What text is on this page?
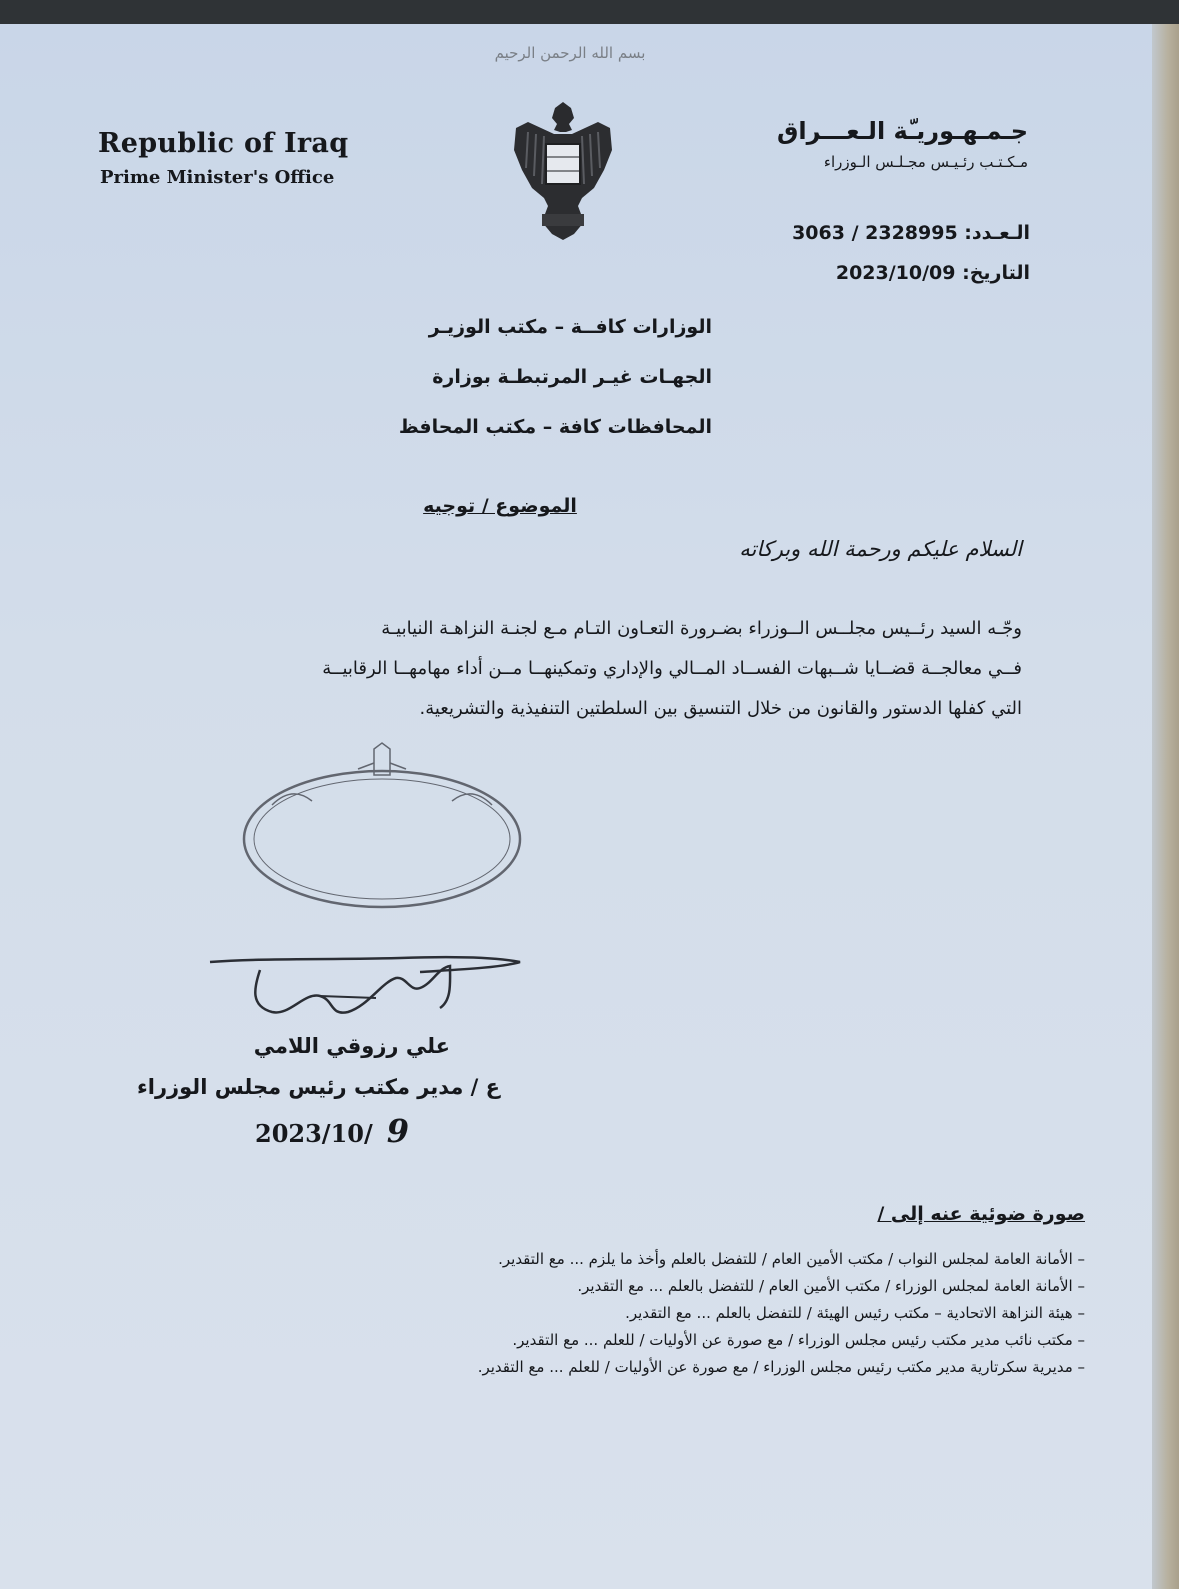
بسم الله الرحمن الرحيم
Republic of Iraq
Prime Minister's Office
جـمـهـوريـّة الـعـــراق
مـكـتـب رئـيـس مجـلـس الـوزراء
الـعـدد: 2328995 / 3063
التاريخ: 2023/10/09
الوزارات كافــة – مكتب الوزيـر
الجهـات غيـر المرتبطـة بوزارة
المحافظات كافة – مكتب المحافظ
الموضوع / توجيه
السلام عليكم ورحمة الله وبركاته
وجّـه السيد رئــيس مجلــس الــوزراء بضـرورة التعـاون التـام مـع لجنـة النزاهـة النيابيـة
فــي معالجــة قضــايا شــبهات الفســاد المــالي والإداري وتمكينهــا مــن أداء مهامهــا الرقابيــة
التي كفلها الدستور والقانون من خلال التنسيق بين السلطتين التنفيذية والتشريعية.
علي رزوقي اللامي
ع / مدير مكتب رئيس مجلس الوزراء
2023/10/ 9
صورة ضوئية عنه إلى /
– الأمانة العامة لمجلس النواب / مكتب الأمين العام / للتفضل بالعلم وأخذ ما يلزم ... مع التقدير.
– الأمانة العامة لمجلس الوزراء / مكتب الأمين العام / للتفضل بالعلم ... مع التقدير.
– هيئة النزاهة الاتحادية – مكتب رئيس الهيئة / للتفضل بالعلم ... مع التقدير.
– مكتب نائب مدير مكتب رئيس مجلس الوزراء / مع صورة عن الأوليات / للعلم ... مع التقدير.
– مديرية سكرتارية مدير مكتب رئيس مجلس الوزراء / مع صورة عن الأوليات / للعلم ... مع التقدير.
